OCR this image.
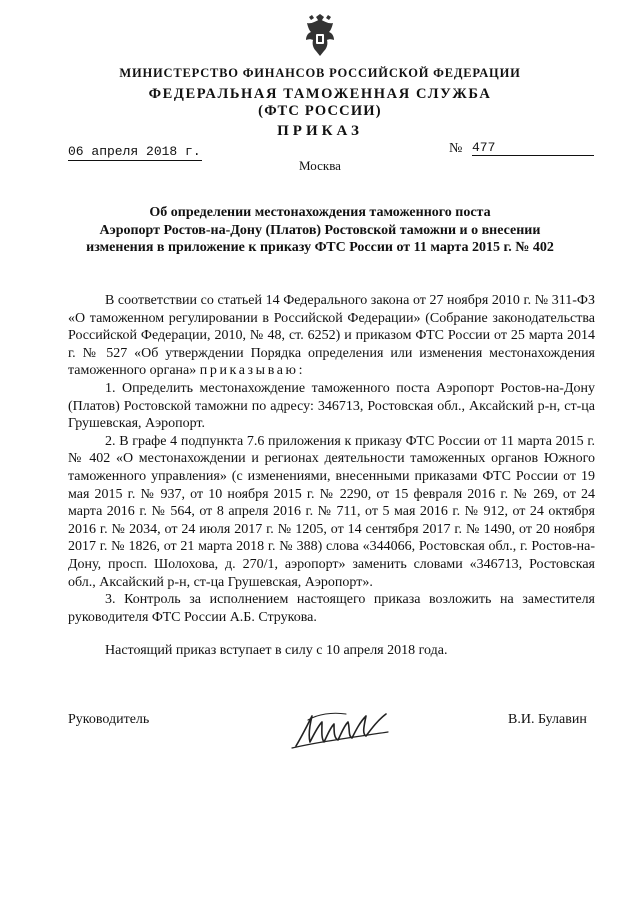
МИНИСТЕРСТВО ФИНАНСОВ РОССИЙСКОЙ ФЕДЕРАЦИИ
ФЕДЕРАЛЬНАЯ ТАМОЖЕННАЯ СЛУЖБА
(ФТС РОССИИ)
ПРИКАЗ
06 апреля 2018 г.	№ 477
Москва
Об определении местонахождения таможенного поста
Аэропорт Ростов-на-Дону (Платов) Ростовской таможни и о внесении
изменения в приложение к приказу ФТС России от 11 марта 2015 г. № 402

В соответствии со статьей 14 Федерального закона от 27 ноября 2010 г. № 311-ФЗ «О таможенном регулировании в Российской Федерации» (Собрание законодательства Российской Федерации, 2010, № 48, ст. 6252) и приказом ФТС России от 25 марта 2014 г. № 527 «Об утверждении Порядка определения или изменения местонахождения таможенного органа» приказываю:

1. Определить местонахождение таможенного поста Аэропорт Ростов-на-Дону (Платов) Ростовской таможни по адресу: 346713, Ростовская обл., Аксайский р-н, ст-ца Грушевская, Аэропорт.

2. В графе 4 подпункта 7.6 приложения к приказу ФТС России от 11 марта 2015 г. № 402 «О местонахождении и регионах деятельности таможенных органов Южного таможенного управления» (с изменениями, внесенными приказами ФТС России от 19 мая 2015 г. № 937, от 10 ноября 2015 г. № 2290, от 15 февраля 2016 г. № 269, от 24 марта 2016 г. № 564, от 8 апреля 2016 г. № 711, от 5 мая 2016 г. № 912, от 24 октября 2016 г. № 2034, от 24 июля 2017 г. № 1205, от 14 сентября 2017 г. № 1490, от 20 ноября 2017 г. № 1826, от 21 марта 2018 г. № 388) слова «344066, Ростовская обл., г. Ростов-на-Дону, просп. Шолохова, д. 270/1, аэропорт» заменить словами «346713, Ростовская обл., Аксайский р-н, ст-ца Грушевская, Аэропорт».

3. Контроль за исполнением настоящего приказа возложить на заместителя руководителя ФТС России А.Б. Струкова.

Настоящий приказ вступает в силу с 10 апреля 2018 года.
Руководитель	В.И. Булавин
